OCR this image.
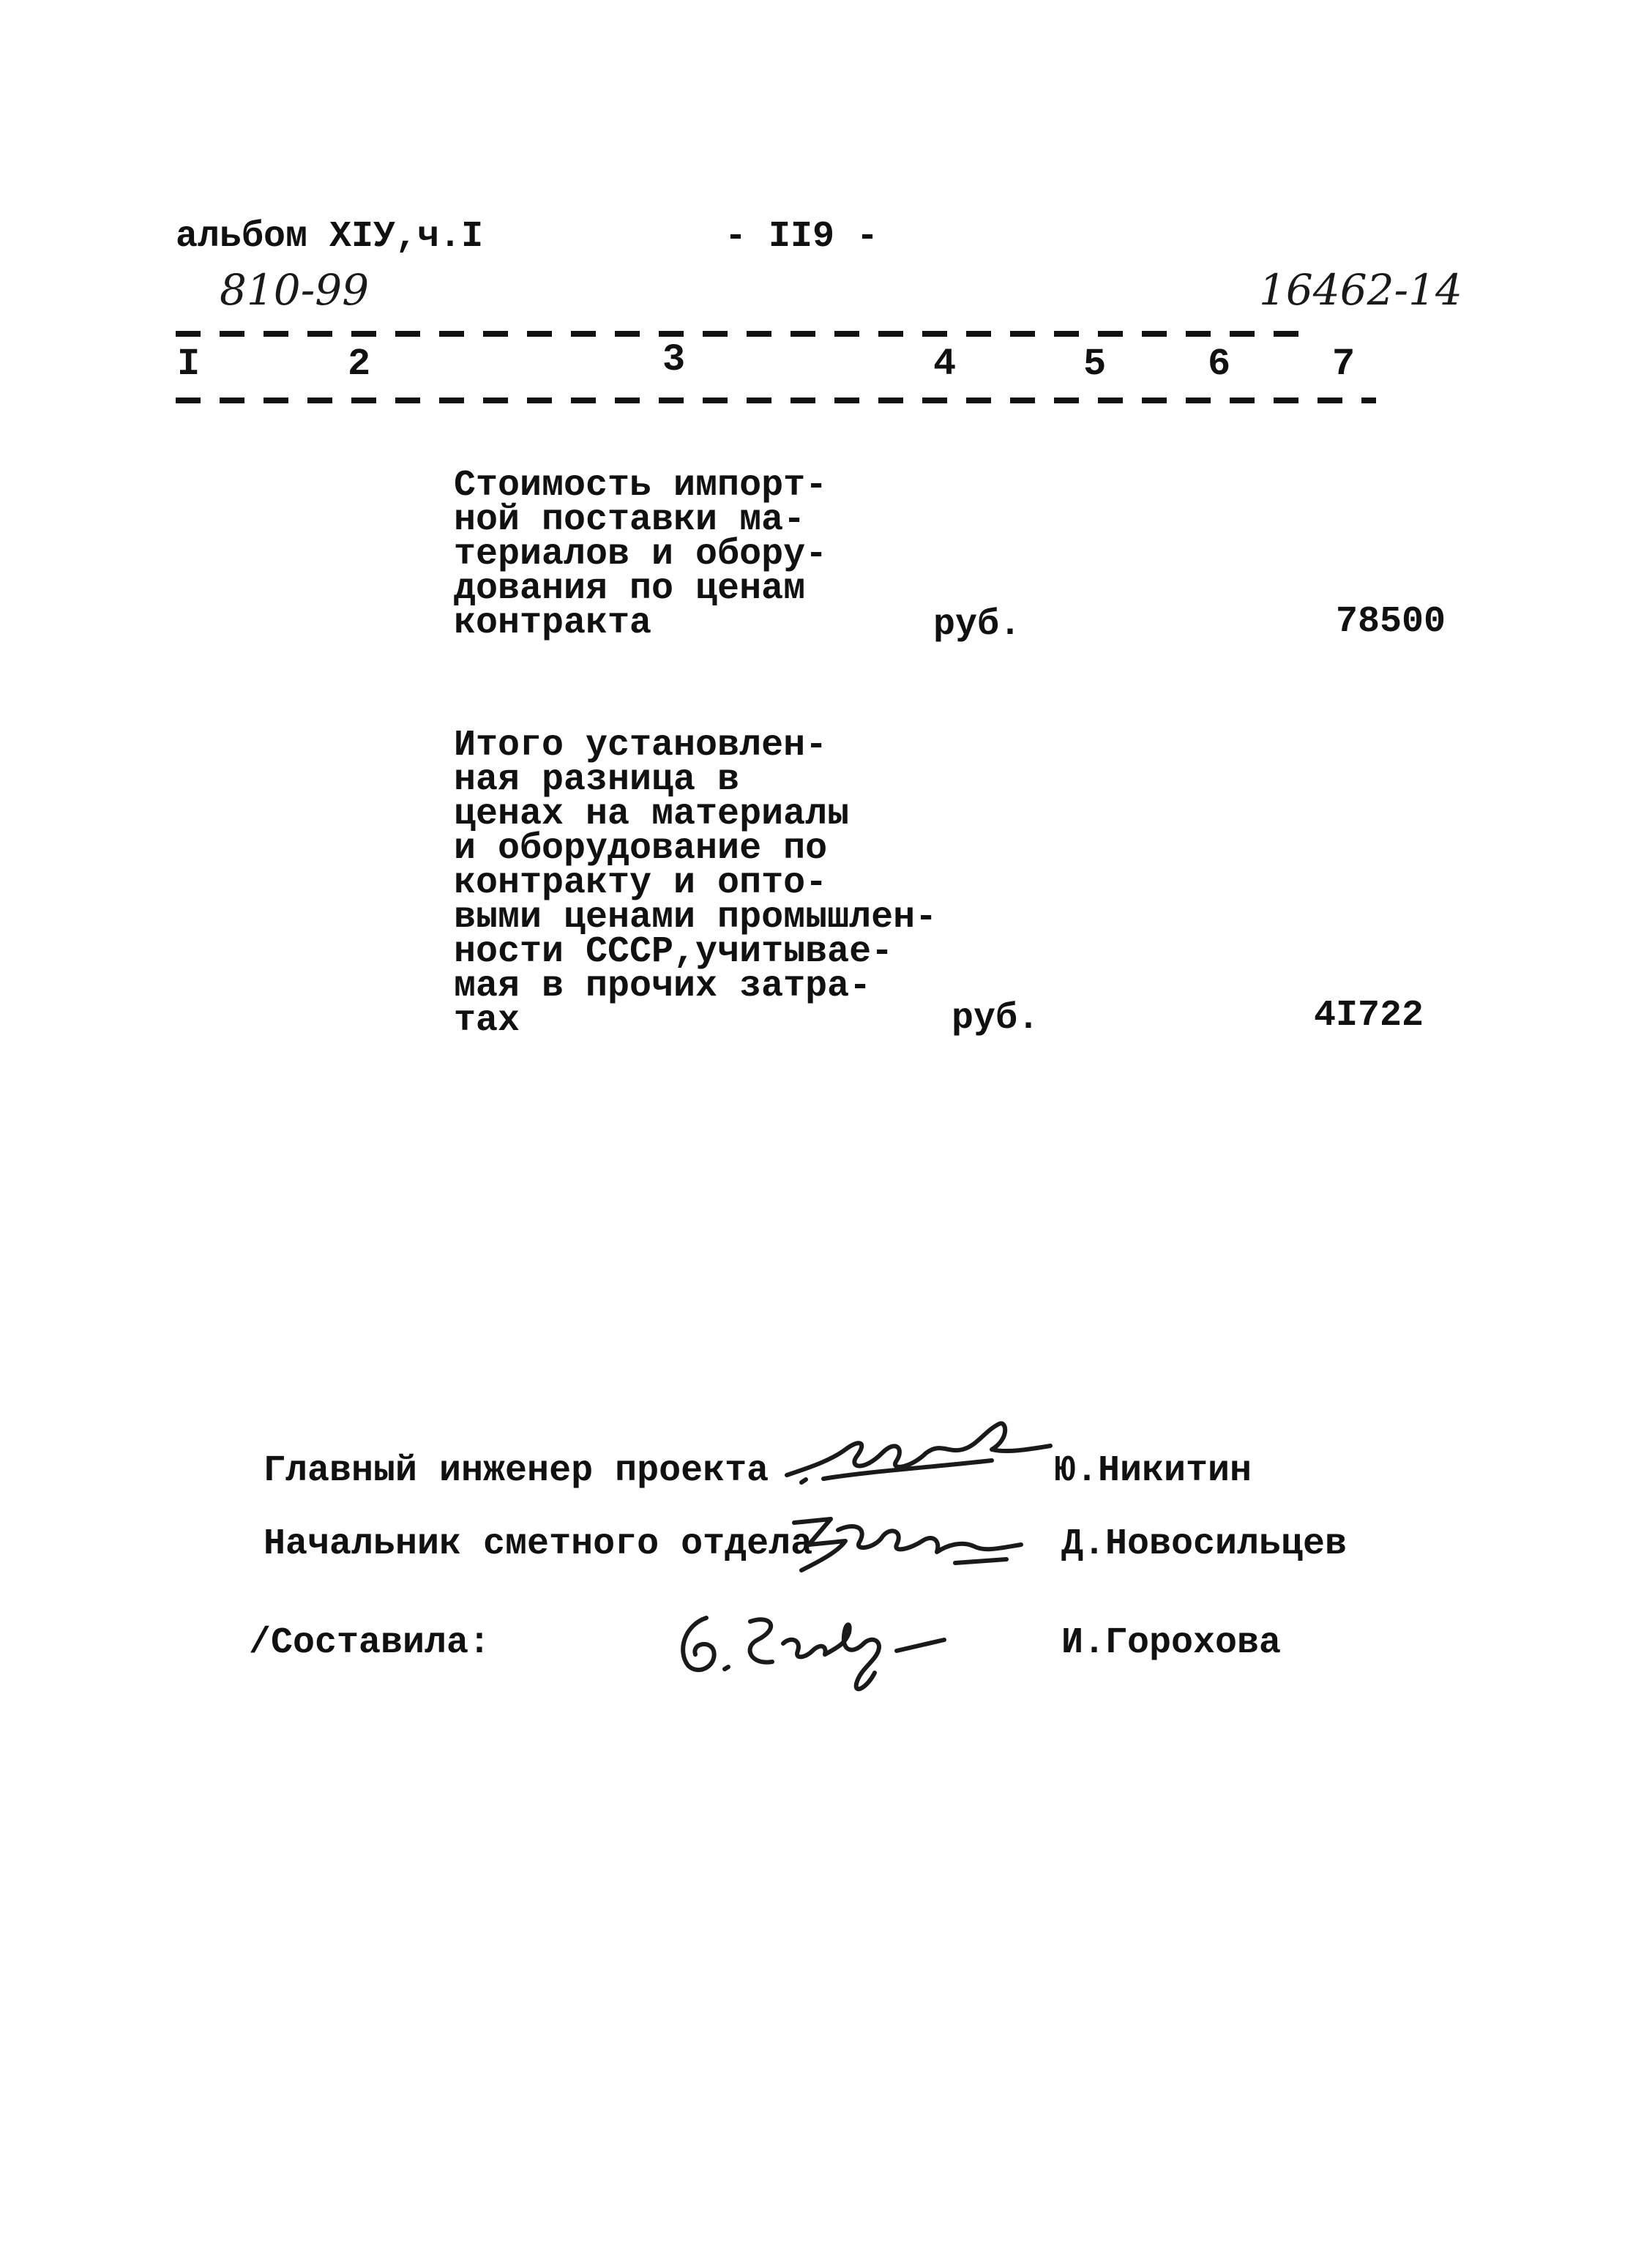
альбом XIУ,ч.I	- II9 -
810-99	16462-14
I	2	3	4	5	6	7
Стоимость импорт-
ной поставки ма-
териалов и обору-
дования по ценам
контракта	руб.	78500
Итого установлен-
ная разница в
ценах на материалы
и оборудование по
контракту и опто-
выми ценами промышлен-
ности СССР,учитывае-
мая в прочих затра-
тах	руб.	4I722
Главный инженер проекта	Ю.Никитин
Начальник сметного отдела	Д.Новосильцев
/Составила:	И.Горохова
